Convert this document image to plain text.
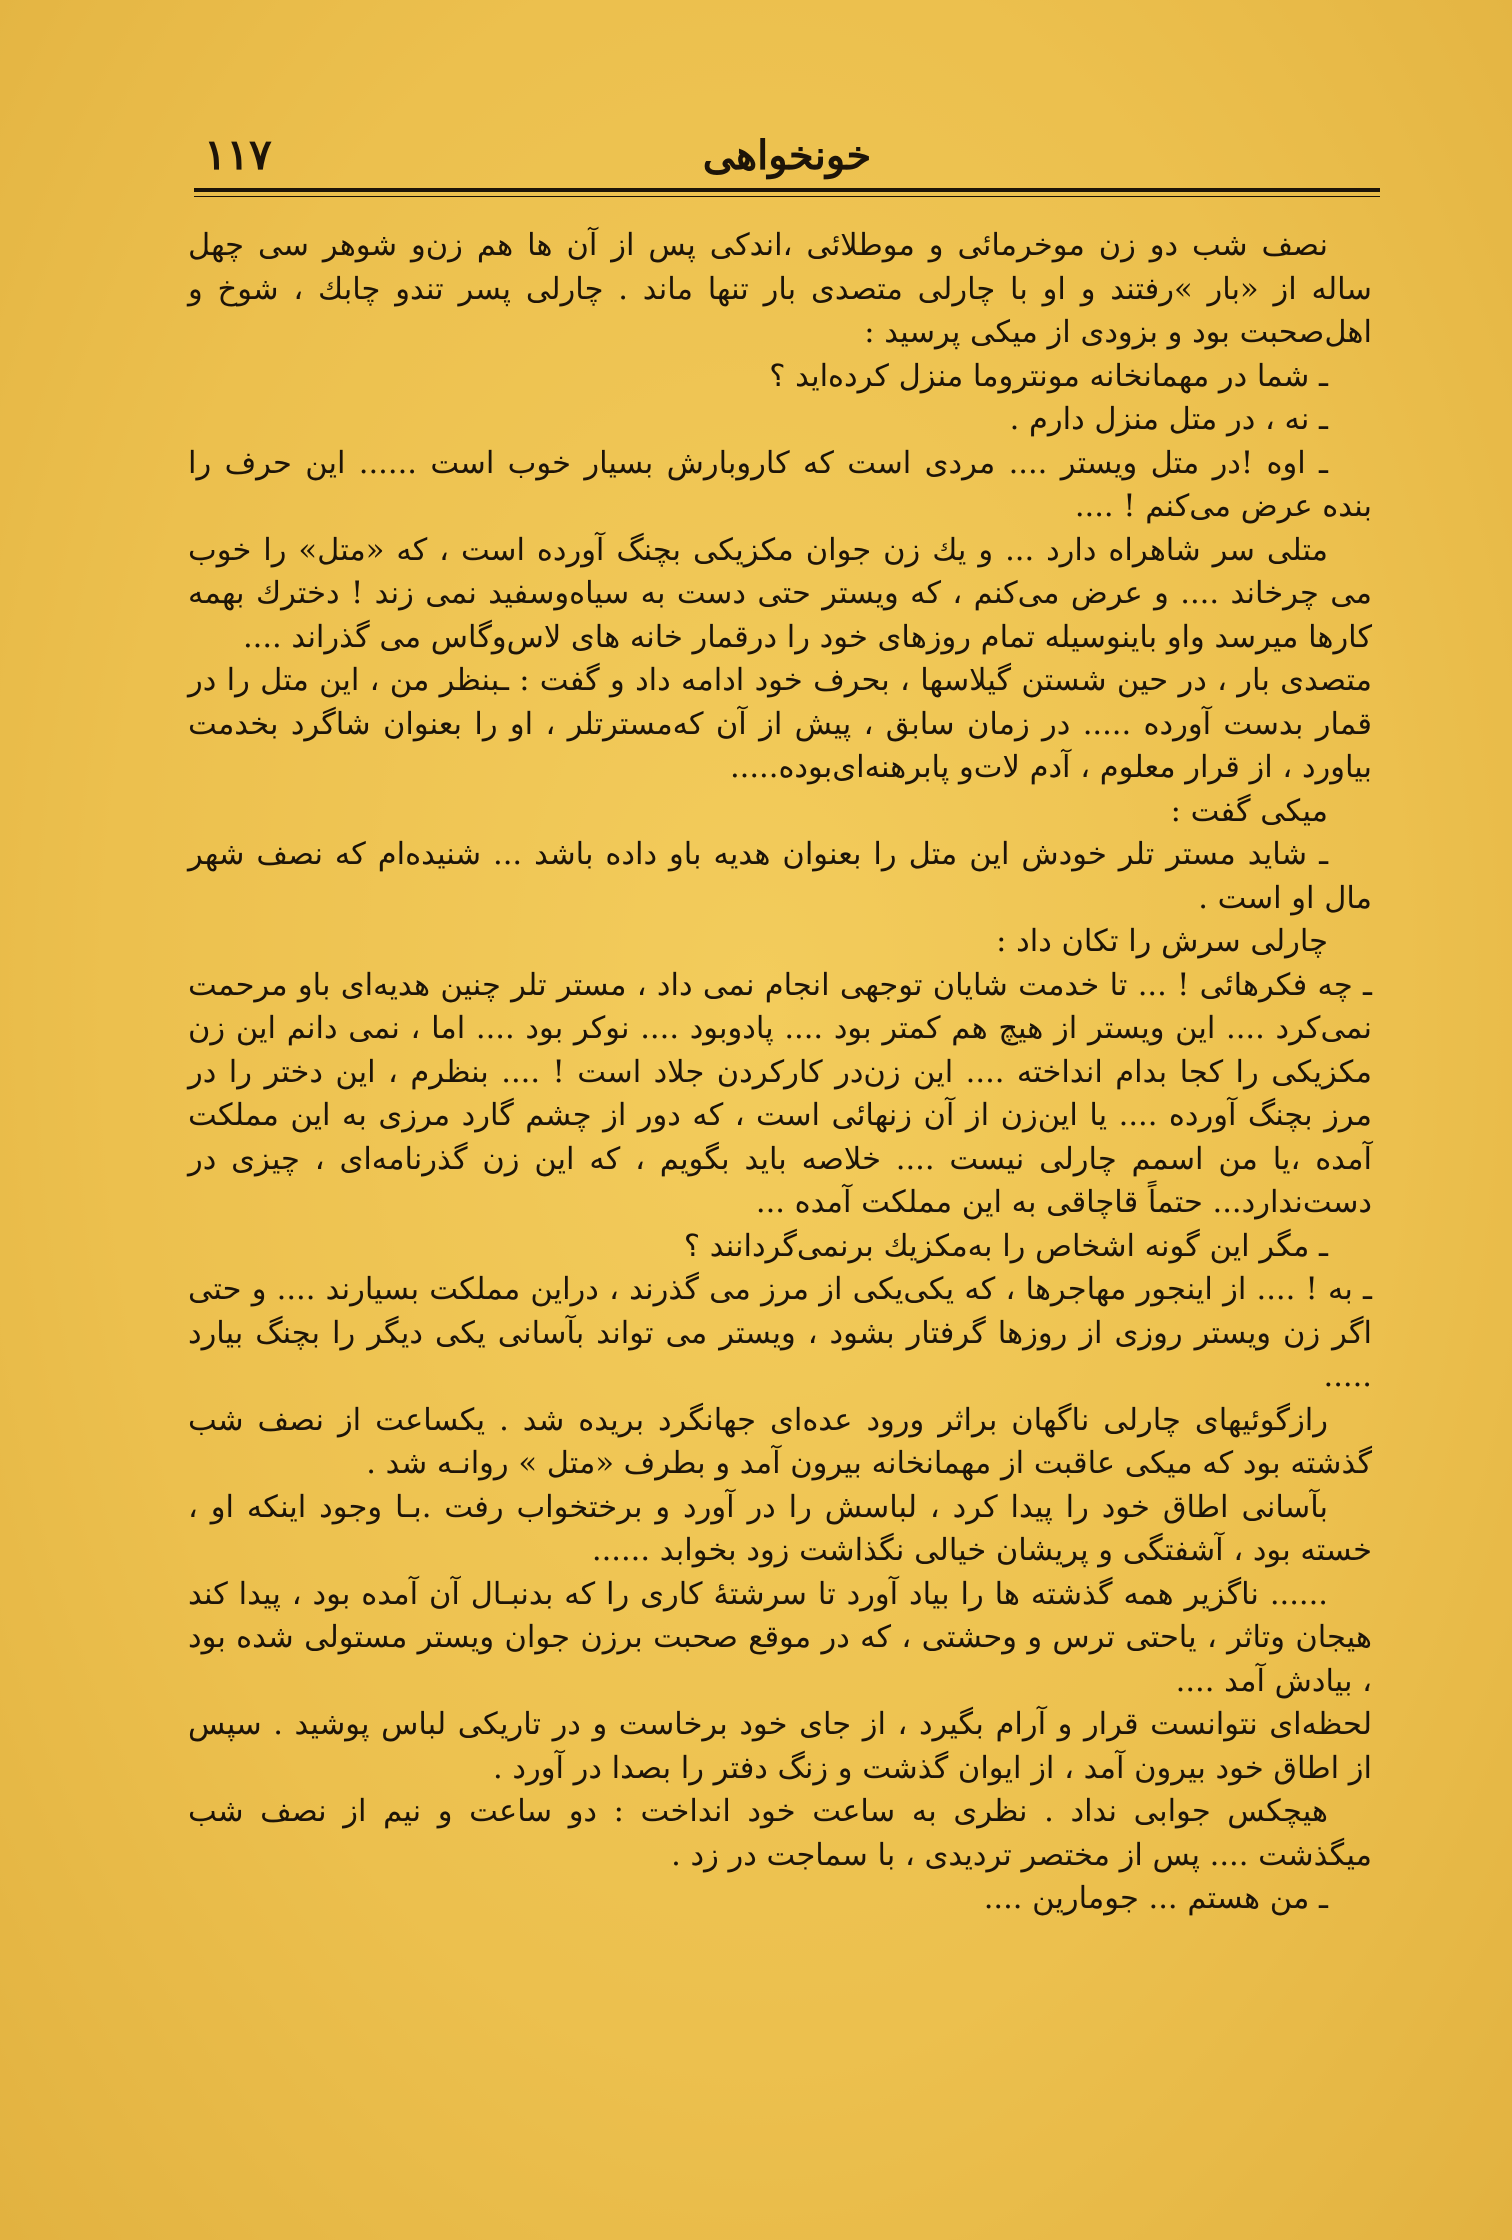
خونخواهی
۱۱۷

نصف شب دو زن موخرمائی و موطلائی ،اندکی پس از آن ها هم زن‌و شوهر سی چهل ساله از «بار »رفتند و او با چارلی متصدی بار تنها ماند . چارلی پسر تندو چابك ، شوخ و اهل‌صحبت بود و بزودی از میکی پرسید :

ـ شما در مهمانخانه مونتروما منزل کرده‌اید ؟

ـ نه ، در متل منزل دارم .

ـ اوه !در متل ویستر .... مردی است که کاروبارش بسیار خوب است ...... این حرف را بنده عرض می‌کنم ! ....

متلی سر شاهراه دارد ... و يك زن جوان مکزیکی بچنگ آورده است ، که «متل» را خوب می چرخاند .... و عرض می‌کنم ، که ویستر حتی دست به سیاه‌وسفید نمی زند ! دخترك بهمه کارها میرسد واو باینوسیله تمام روزهای خود را درقمار خانه های لاس‌وگاس می گذراند ....

متصدی بار ، در حین شستن گیلاسها ، بحرف خود ادامه داد و گفت : ـبنظر من ، این متل را در قمار بدست آورده ..... در زمان سابق ، پیش از آن که‌مسترتلر ، او را بعنوان شاگرد بخدمت بیاورد ، از قرار معلوم ، آدم لات‌و پابرهنه‌ای‌بوده.....

میکی گفت :

ـ شاید مستر تلر خودش این متل را بعنوان هدیه باو داده باشد ... شنیده‌ام که نصف شهر مال او است .

چارلی سرش را تکان داد :

ـ چه فکرهائی ! ... تا خدمت شایان توجهی انجام نمی داد ، مستر تلر چنین هدیه‌ای باو مرحمت نمی‌کرد .... این ویستر از هیچ هم کمتر بود .... پادوبود .... نوکر بود .... اما ، نمی دانم این زن مکزیکی را کجا بدام انداخته .... این زن‌در کارکردن جلاد است ! .... بنظرم ، این دختر را در مرز بچنگ آورده .... یا این‌زن از آن زنهائی است ، که دور از چشم گارد مرزی به این مملکت آمده ،یا من اسمم چارلی نیست .... خلاصه باید بگویم ، که این زن گذرنامه‌ای ، چیزی در دست‌ندارد... حتماً قاچاقی به این مملکت آمده ...

ـ مگر این گونه اشخاص را به‌مکزیك برنمی‌گردانند ؟

ـ به ! .... از اینجور مهاجرها ، که یکی‌یکی از مرز می گذرند ، دراین مملکت بسیارند .... و حتی اگر زن ویستر روزی از روزها گرفتار بشود ، ویستر می تواند بآسانی یکی دیگر را بچنگ بیارد .....

رازگوئیهای چارلی ناگهان براثر ورود عده‌ای جهانگرد بریده شد . یکساعت از نصف شب گذشته بود که میکی عاقبت از مهمانخانه بیرون آمد و بطرف «متل » روانـه شد .

بآسانی اطاق خود را پیدا کرد ، لباسش را در آورد و برختخواب رفت .بـا وجود اینکه او ، خسته بود ، آشفتگی و پریشان خیالی نگذاشت زود بخوابد ......

...... ناگزیر همه گذشته ها را بیاد آورد تا سرشتهٔ کاری را که بدنبـال آن آمده بود ، پیدا کند هیجان وتاثر ، یاحتی ترس و وحشتی ، که در موقع صحبت برزن جوان ویستر مستولی شده بود ، بیادش آمد ....

لحظه‌ای نتوانست قرار و آرام بگیرد ، از جای خود برخاست و در تاریکی لباس پوشید . سپس از اطاق خود بیرون آمد ، از ایوان گذشت و زنگ دفتر را بصدا در آورد .

هیچکس جوابی نداد . نظری به ساعت خود انداخت : دو ساعت و نیم از نصف شب میگذشت .... پس از مختصر تردیدی ، با سماجت در زد .

ـ من هستم ... جومارین ....
